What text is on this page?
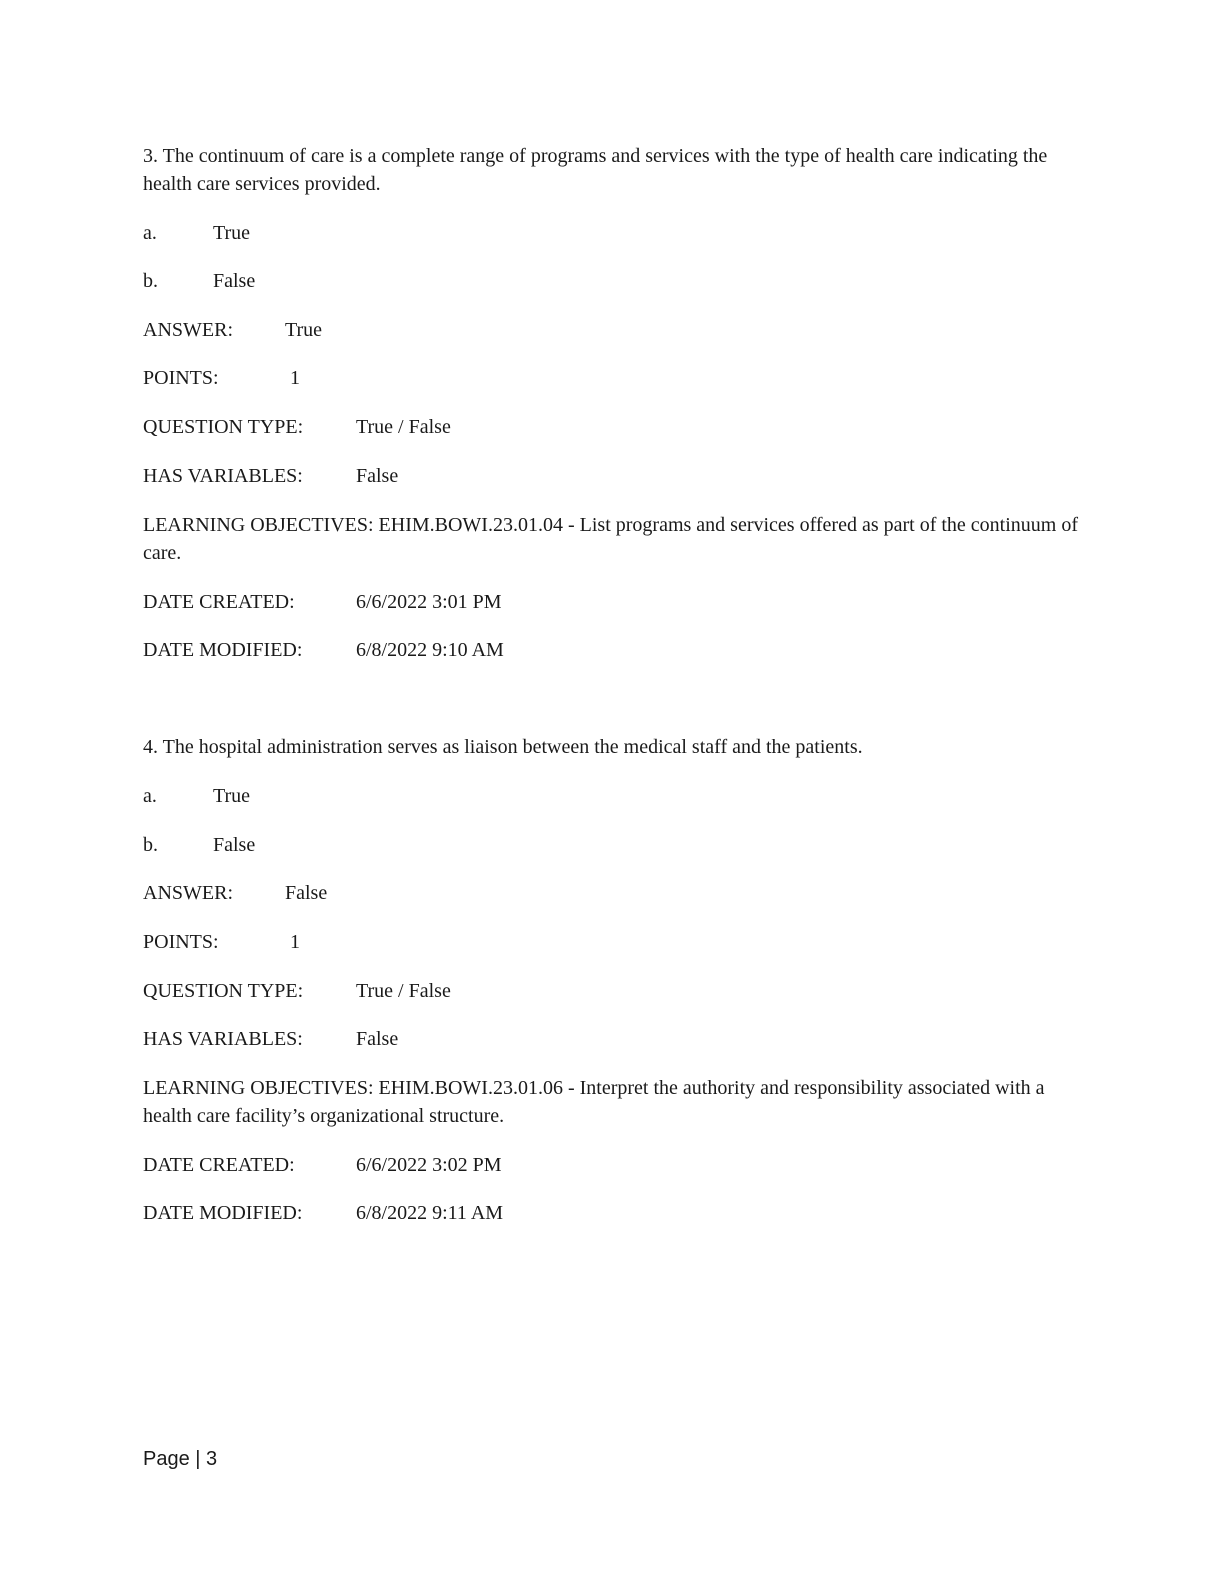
3. The continuum of care is a complete range of programs and services with the type of health care indicating the health care services provided.
a.	True
b.	False
ANSWER:	True
POINTS:	1
QUESTION TYPE:	True / False
HAS VARIABLES:	False
LEARNING OBJECTIVES: EHIM.BOWI.23.01.04 - List programs and services offered as part of the continuum of care.
DATE CREATED:	6/6/2022 3:01 PM
DATE MODIFIED:	6/8/2022 9:10 AM
4. The hospital administration serves as liaison between the medical staff and the patients.
a.	True
b.	False
ANSWER:	False
POINTS:	1
QUESTION TYPE:	True / False
HAS VARIABLES:	False
LEARNING OBJECTIVES: EHIM.BOWI.23.01.06 - Interpret the authority and responsibility associated with a health care facility’s organizational structure.
DATE CREATED:	6/6/2022 3:02 PM
DATE MODIFIED:	6/8/2022 9:11 AM
Page | 3
